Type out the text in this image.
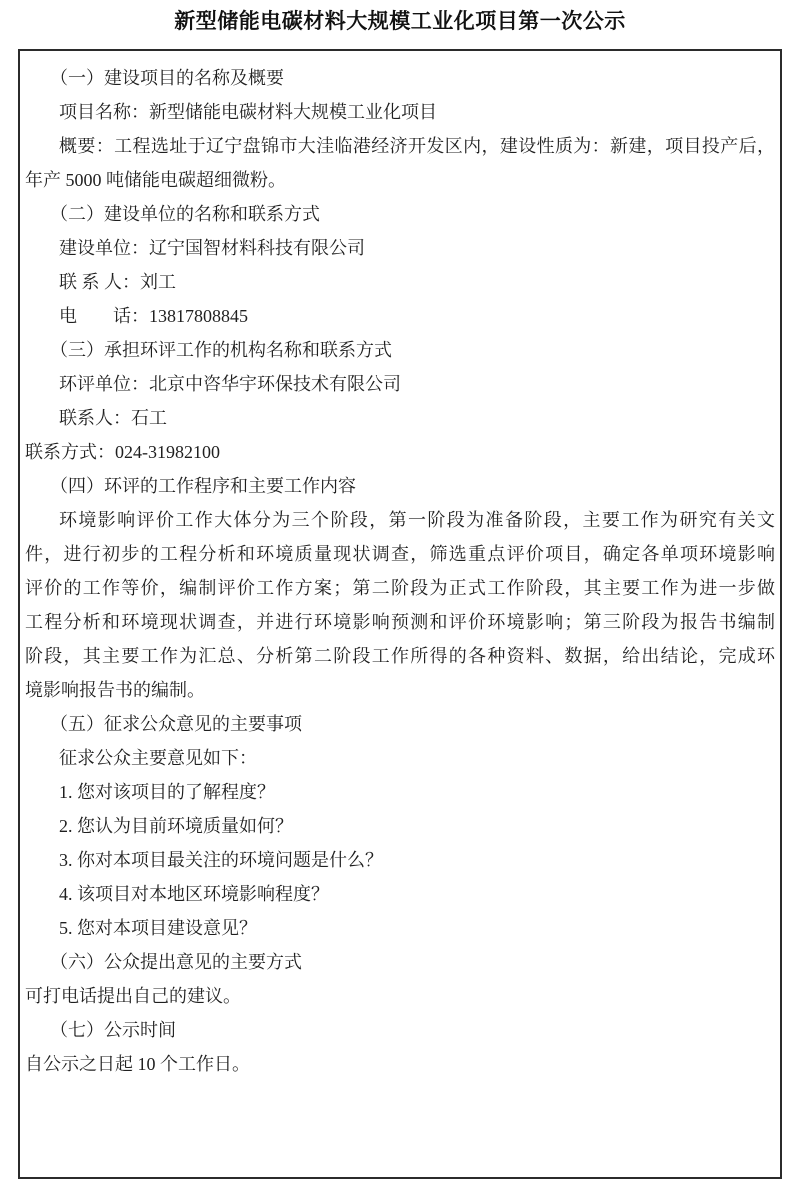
新型储能电碳材料大规模工业化项目第一次公示

（一）建设项目的名称及概要

项目名称：新型储能电碳材料大规模工业化项目

概要：工程选址于辽宁盘锦市大洼临港经济开发区内，建设性质为：新建，项目投产后，

年产 5000 吨储能电碳超细微粉。

（二）建设单位的名称和联系方式

建设单位：辽宁国智材料科技有限公司

联 系 人：刘工

电　　话：13817808845

（三）承担环评工作的机构名称和联系方式

环评单位：北京中咨华宇环保技术有限公司

联系人：石工

联系方式：024-31982100

（四）环评的工作程序和主要工作内容

环境影响评价工作大体分为三个阶段，第一阶段为准备阶段，主要工作为研究有关文

件，进行初步的工程分析和环境质量现状调查，筛选重点评价项目，确定各单项环境影响

评价的工作等价，编制评价工作方案；第二阶段为正式工作阶段，其主要工作为进一步做

工程分析和环境现状调查，并进行环境影响预测和评价环境影响；第三阶段为报告书编制

阶段，其主要工作为汇总、分析第二阶段工作所得的各种资料、数据，给出结论，完成环

境影响报告书的编制。

（五）征求公众意见的主要事项

征求公众主要意见如下：

1. 您对该项目的了解程度？

2. 您认为目前环境质量如何？

3. 你对本项目最关注的环境问题是什么？

4. 该项目对本地区环境影响程度？

5. 您对本项目建设意见？

（六）公众提出意见的主要方式

可打电话提出自己的建议。

（七）公示时间

自公示之日起 10 个工作日。
